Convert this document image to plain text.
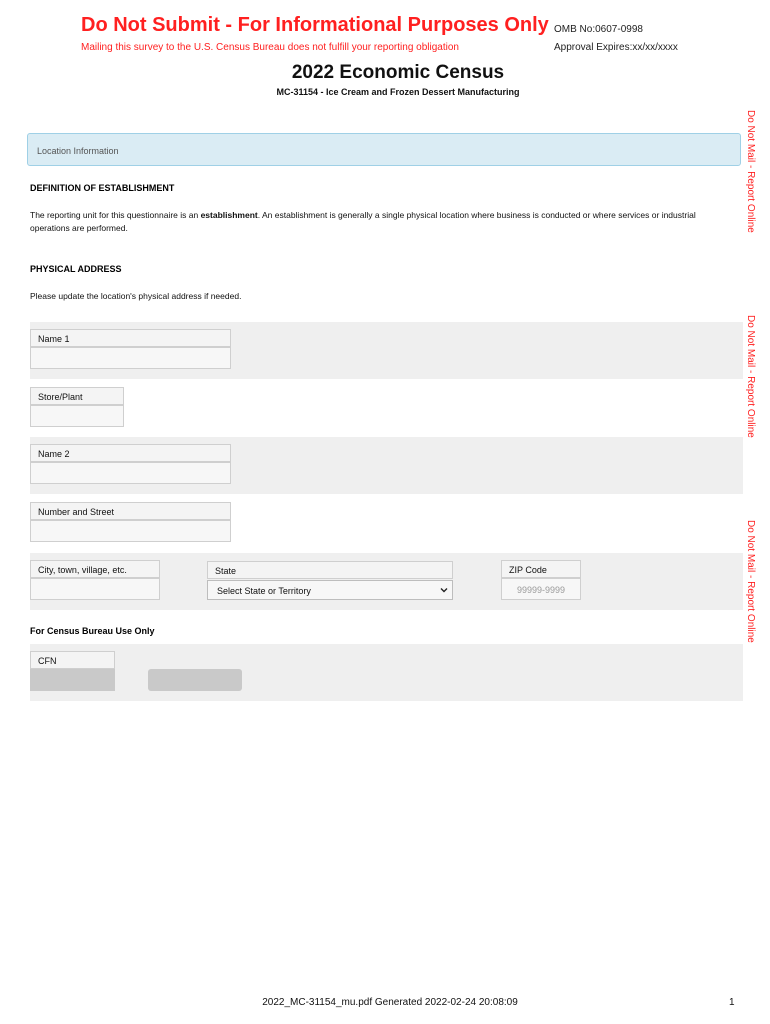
Do Not Submit - For Informational Purposes Only
Mailing this survey to the U.S. Census Bureau does not fulfill your reporting obligation
OMB No:0607-0998
Approval Expires:xx/xx/xxxx
2022 Economic Census
MC-31154 - Ice Cream and Frozen Dessert Manufacturing
Do Not Mail - Report Online
Do Not Mail - Report Online
Do Not Mail - Report Online
Location Information
DEFINITION OF ESTABLISHMENT
The reporting unit for this questionnaire is an establishment. An establishment is generally a single physical location where business is conducted or where services or industrial operations are performed.
PHYSICAL ADDRESS
Please update the location's physical address if needed.
Name 1
Store/Plant
Name 2
Number and Street
City, town, village, etc.	State
Select State or Territory
ZIP Code
99999-9999
For Census Bureau Use Only
CFN
2022_MC-31154_mu.pdf Generated 2022-02-24 20:08:09	1
